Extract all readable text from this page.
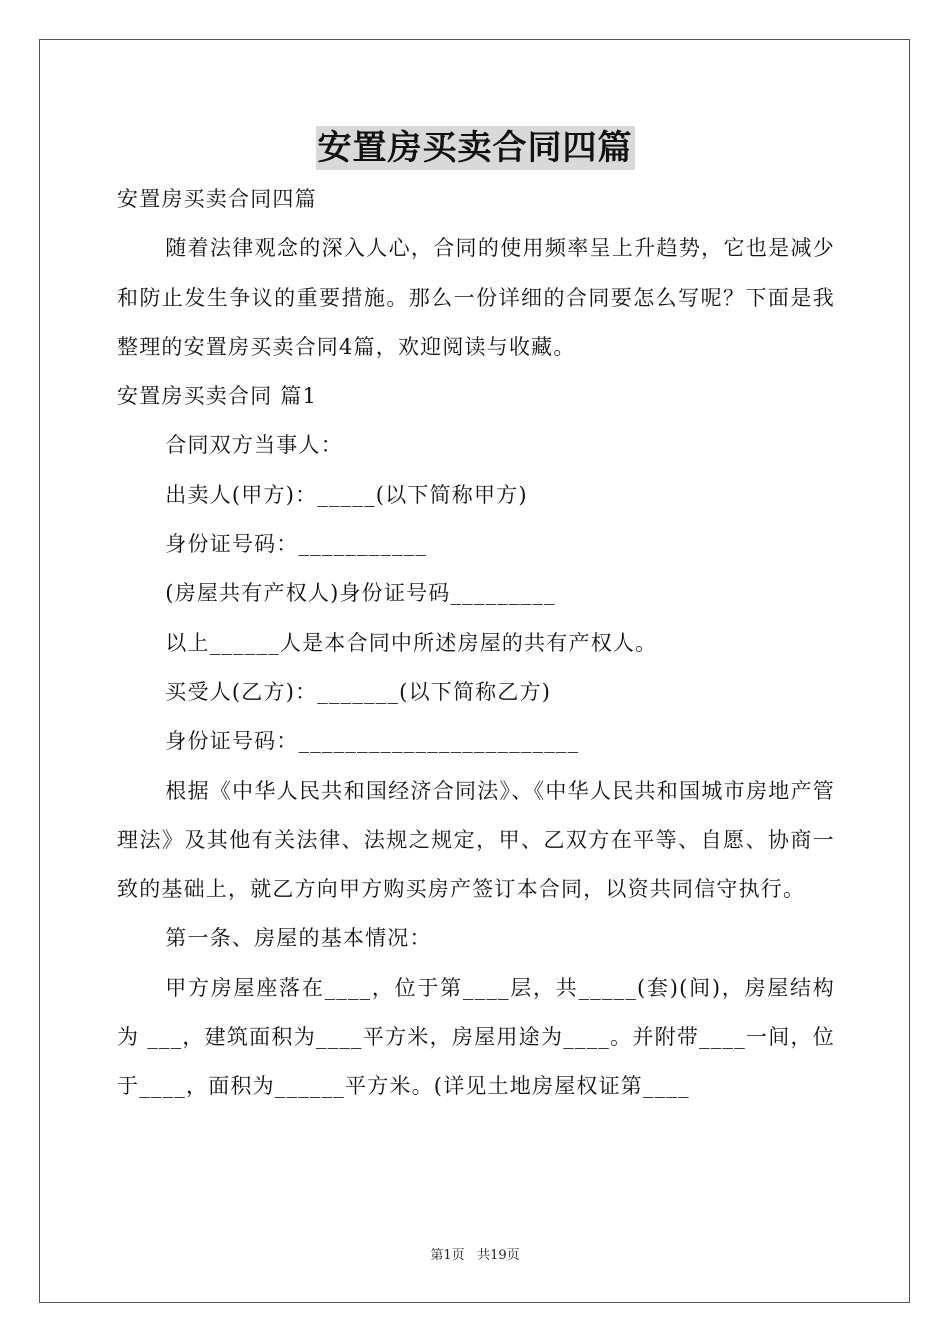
安置房买卖合同四篇

安置房买卖合同四篇

随着法律观念的深入人心，合同的使用频率呈上升趋势，它也是减少和防止发生争议的重要措施。那么一份详细的合同要怎么写呢？下面是我整理的安置房买卖合同4篇，欢迎阅读与收藏。

安置房买卖合同 篇1

合同双方当事人：

出卖人(甲方)：_____(以下简称甲方)

身份证号码：___________

(房屋共有产权人)身份证号码_________

以上______人是本合同中所述房屋的共有产权人。

买受人(乙方)：_______(以下简称乙方)

身份证号码：________________________

根据《中华人民共和国经济合同法》、《中华人民共和国城市房地产管理法》及其他有关法律、法规之规定，甲、乙双方在平等、自愿、协商一致的基础上，就乙方向甲方购买房产签订本合同，以资共同信守执行。

第一条、房屋的基本情况：

甲方房屋座落在____，位于第____层，共_____(套)(间)，房屋结构为 ___，建筑面积为____平方米，房屋用途为____。并附带____一间，位于____，面积为______平方米。(详见土地房屋权证第____

第1页 共19页
